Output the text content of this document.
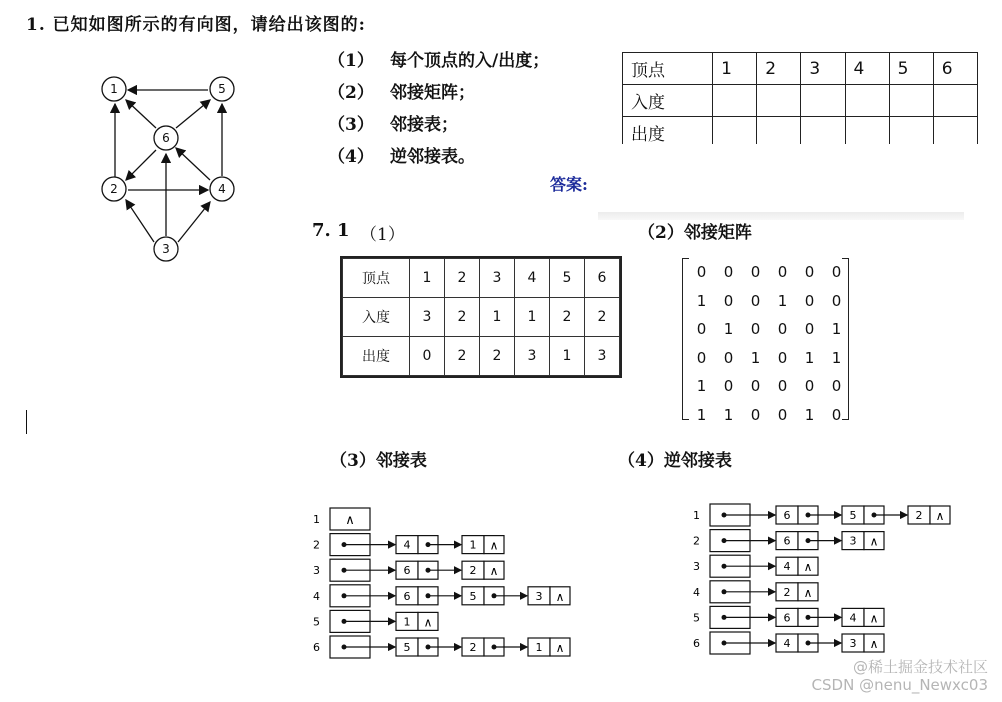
1. 已知如图所示的有向图，请给出该图的:
（1） 每个顶点的入/出度；
（2） 邻接矩阵；
（3） 邻接表；
（4） 逆邻接表。
1	5
6
2	4
3
顶点	1	2	3	4	5	6
入度						
出度						
答案:
7. 1 （1）	（2）邻接矩阵
（3）邻接表	（4）逆邻接表
顶点	1	2	3	4	5	6
入度	3	2	1	1	2	2
出度	0	2	2	3	1	3
0 0 0 0 0 0
1 0 0 1 0 0
0 1 0 0 0 1
0 0 1 0 1 1
1 0 0 0 0 0
1 1 0 0 1 0
1 ∧
2	4	1 ∧
3	6	2 ∧
4	6	5	3 ∧
5	1 ∧
6	5	2	1 ∧
1	6	5	2 ∧
2	6	3 ∧
3	4 ∧
4	2 ∧
5	6	4 ∧
6	4	3 ∧
@稀土掘金技术社区
CSDN @nenu_Newxc03
